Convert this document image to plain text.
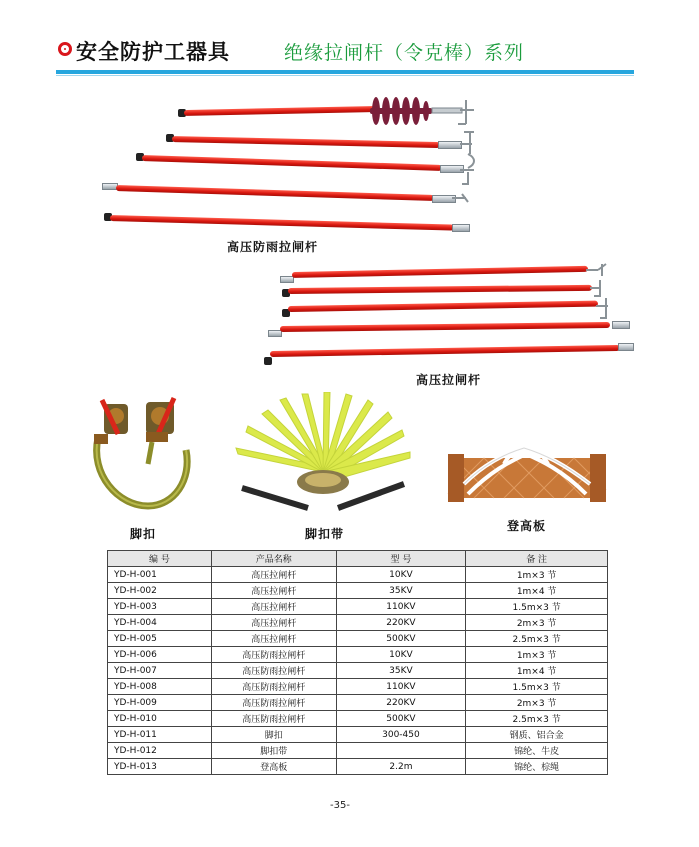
安全防护工器具	绝缘拉闸杆（令克棒）系列
高压防雨拉闸杆
高压拉闸杆
脚扣	脚扣带
登高板
编 号	产品名称	型 号	备 注
YD-H-001	高压拉闸杆	10KV	1m×3 节
YD-H-002	高压拉闸杆	35KV	1m×4 节
YD-H-003	高压拉闸杆	110KV	1.5m×3 节
YD-H-004	高压拉闸杆	220KV	2m×3 节
YD-H-005	高压拉闸杆	500KV	2.5m×3 节
YD-H-006	高压防雨拉闸杆	10KV	1m×3 节
YD-H-007	高压防雨拉闸杆	35KV	1m×4 节
YD-H-008	高压防雨拉闸杆	110KV	1.5m×3 节
YD-H-009	高压防雨拉闸杆	220KV	2m×3 节
YD-H-010	高压防雨拉闸杆	500KV	2.5m×3 节
YD-H-011	脚扣	300-450	钢质、铝合金
YD-H-012	脚扣带		锦纶、牛皮
YD-H-013	登高板	2.2m	锦纶、棕绳
-35-
